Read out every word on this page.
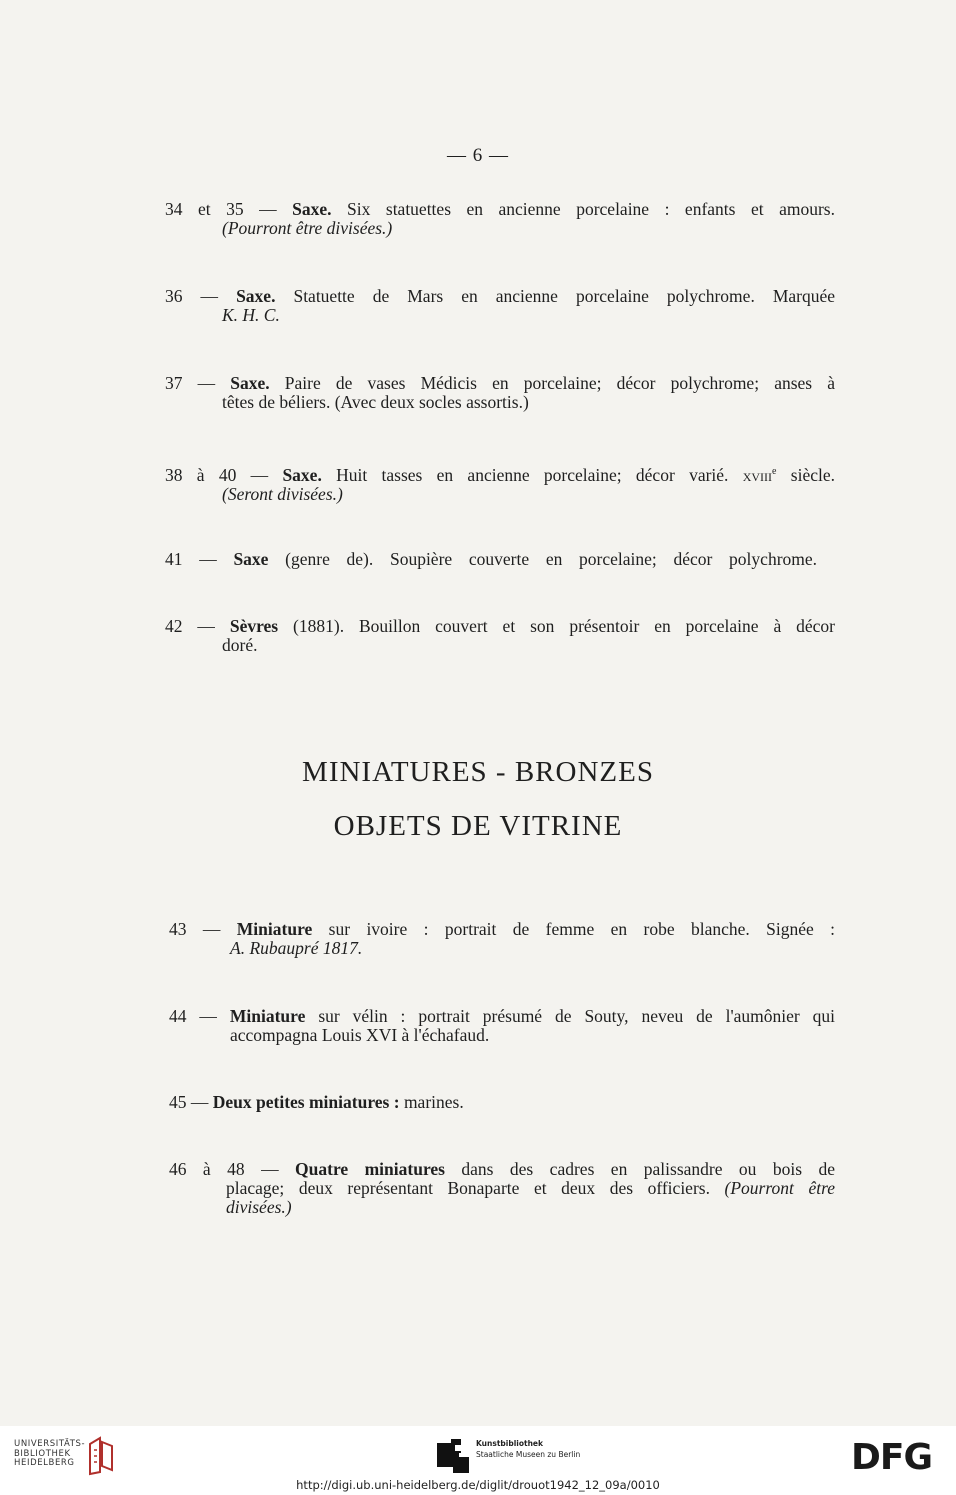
— 6 —
34 et 35 — Saxe. Six statuettes en ancienne porcelaine : enfants et amours.
(Pourront être divisées.)
36 — Saxe. Statuette de Mars en ancienne porcelaine polychrome. Marquée
K. H. C.
37 — Saxe. Paire de vases Médicis en porcelaine; décor polychrome; anses à
têtes de béliers. (Avec deux socles assortis.)
38 à 40 — Saxe. Huit tasses en ancienne porcelaine; décor varié. xviii$^e$ siècle.
(Seront divisées.)
41 — Saxe (genre de). Soupière couverte en porcelaine; décor polychrome.
42 — Sèvres (1881). Bouillon couvert et son présentoir en porcelaine à décor
doré.
MINIATURES - BRONZES
OBJETS DE VITRINE
43 — Miniature sur ivoire : portrait de femme en robe blanche. Signée :
A. Rubaupré 1817.
44 — Miniature sur vélin : portrait présumé de Souty, neveu de l'aumônier qui
accompagna Louis XVI à l'échafaud.
45 — Deux petites miniatures : marines.
46 à 48 — Quatre miniatures dans des cadres en palissandre ou bois de
placage; deux représentant Bonaparte et deux des officiers. (Pourront être
divisées.)
UNIVERSITÄTS-
BIBLIOTHEK
HEIDELBERG
Kunstbibliothek
Staatliche Museen zu Berlin	DFG
http://digi.ub.uni-heidelberg.de/diglit/drouot1942_12_09a/0010
